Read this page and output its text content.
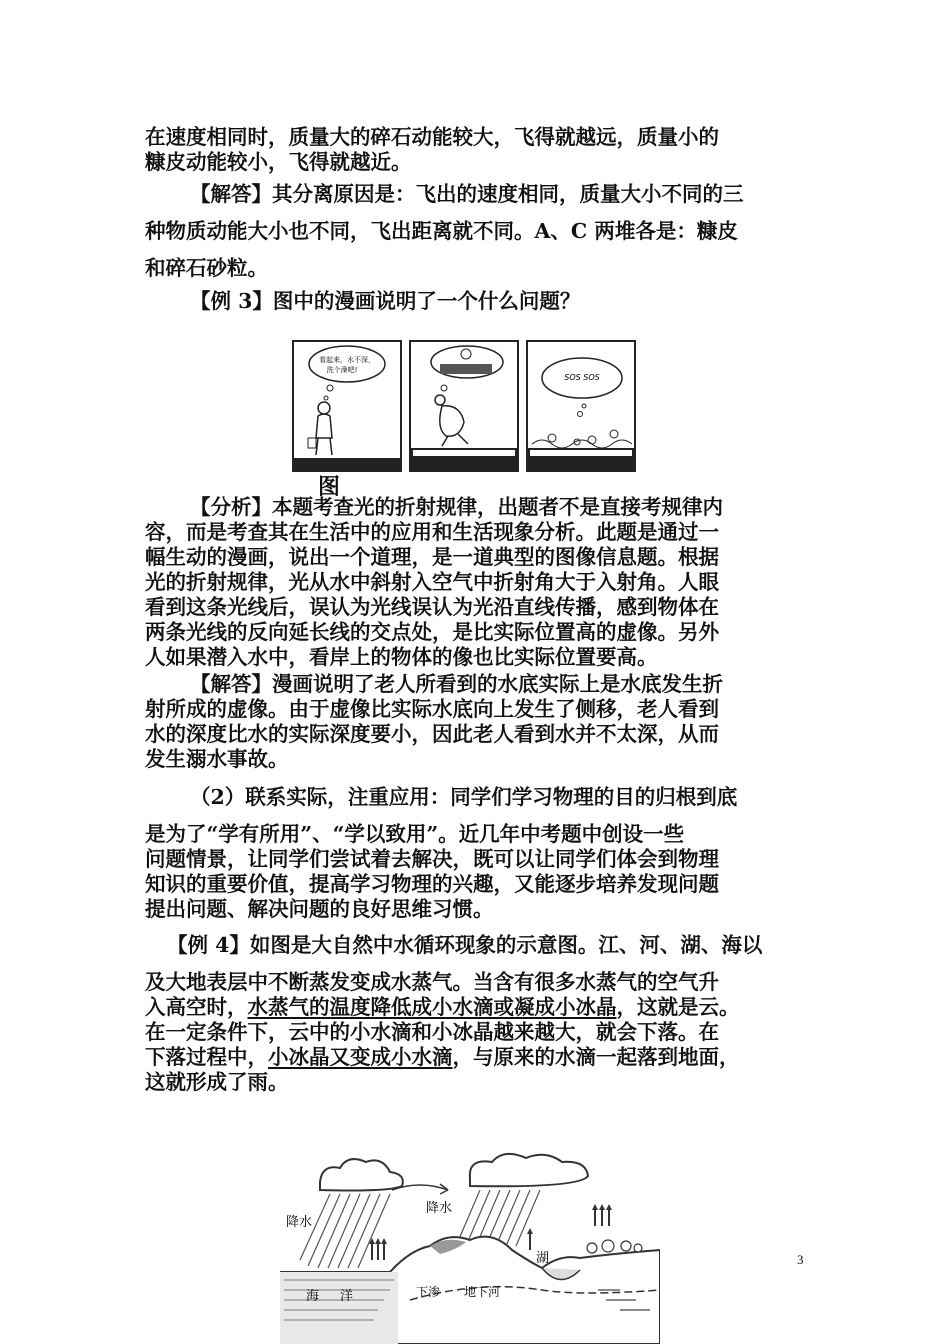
在速度相同时，质量大的碎石动能较大，飞得就越远，质量小的
糠皮动能较小，飞得就越近。

【解答】其分离原因是：飞出的速度相同，质量大小不同的三
种物质动能大小也不同，飞出距离就不同。A、C 两堆各是：糠皮
和碎石砂粒。

【例 3】图中的漫画说明了一个什么问题？

看起来，水不深，
洗个澡吧!
SOS SOS
图

【分析】本题考查光的折射规律，出题者不是直接考规律内
容，而是考查其在生活中的应用和生活现象分析。此题是通过一
幅生动的漫画，说出一个道理，是一道典型的图像信息题。根据
光的折射规律，光从水中斜射入空气中折射角大于入射角。人眼
看到这条光线后，误认为光线误认为光沿直线传播，感到物体在
两条光线的反向延长线的交点处，是比实际位置高的虚像。另外
人如果潜入水中，看岸上的物体的像也比实际位置要高。

【解答】漫画说明了老人所看到的水底实际上是水底发生折
射所成的虚像。由于虚像比实际水底向上发生了侧移，老人看到
水的深度比水的实际深度要小，因此老人看到水并不太深，从而
发生溺水事故。

（2）联系实际，注重应用：同学们学习物理的目的归根到底

是为了“学有所用”、“学以致用”。近几年中考题中创设一些
问题情景，让同学们尝试着去解决，既可以让同学们体会到物理
知识的重要价值，提高学习物理的兴趣，又能逐步培养发现问题
提出问题、解决问题的良好思维习惯。

【例 4】如图是大自然中水循环现象的示意图。江、河、湖、海以

及大地表层中不断蒸发变成水蒸气。当含有很多水蒸气的空气升
入高空时，水蒸气的温度降低成小水滴或凝成小冰晶，这就是云。
在一定条件下，云中的小水滴和小冰晶越来越大，就会下落。在
下落过程中，小冰晶又变成小水滴，与原来的水滴一起落到地面，
这就形成了雨。

降水
降水
湖
下渗 地下河
海 洋
3
